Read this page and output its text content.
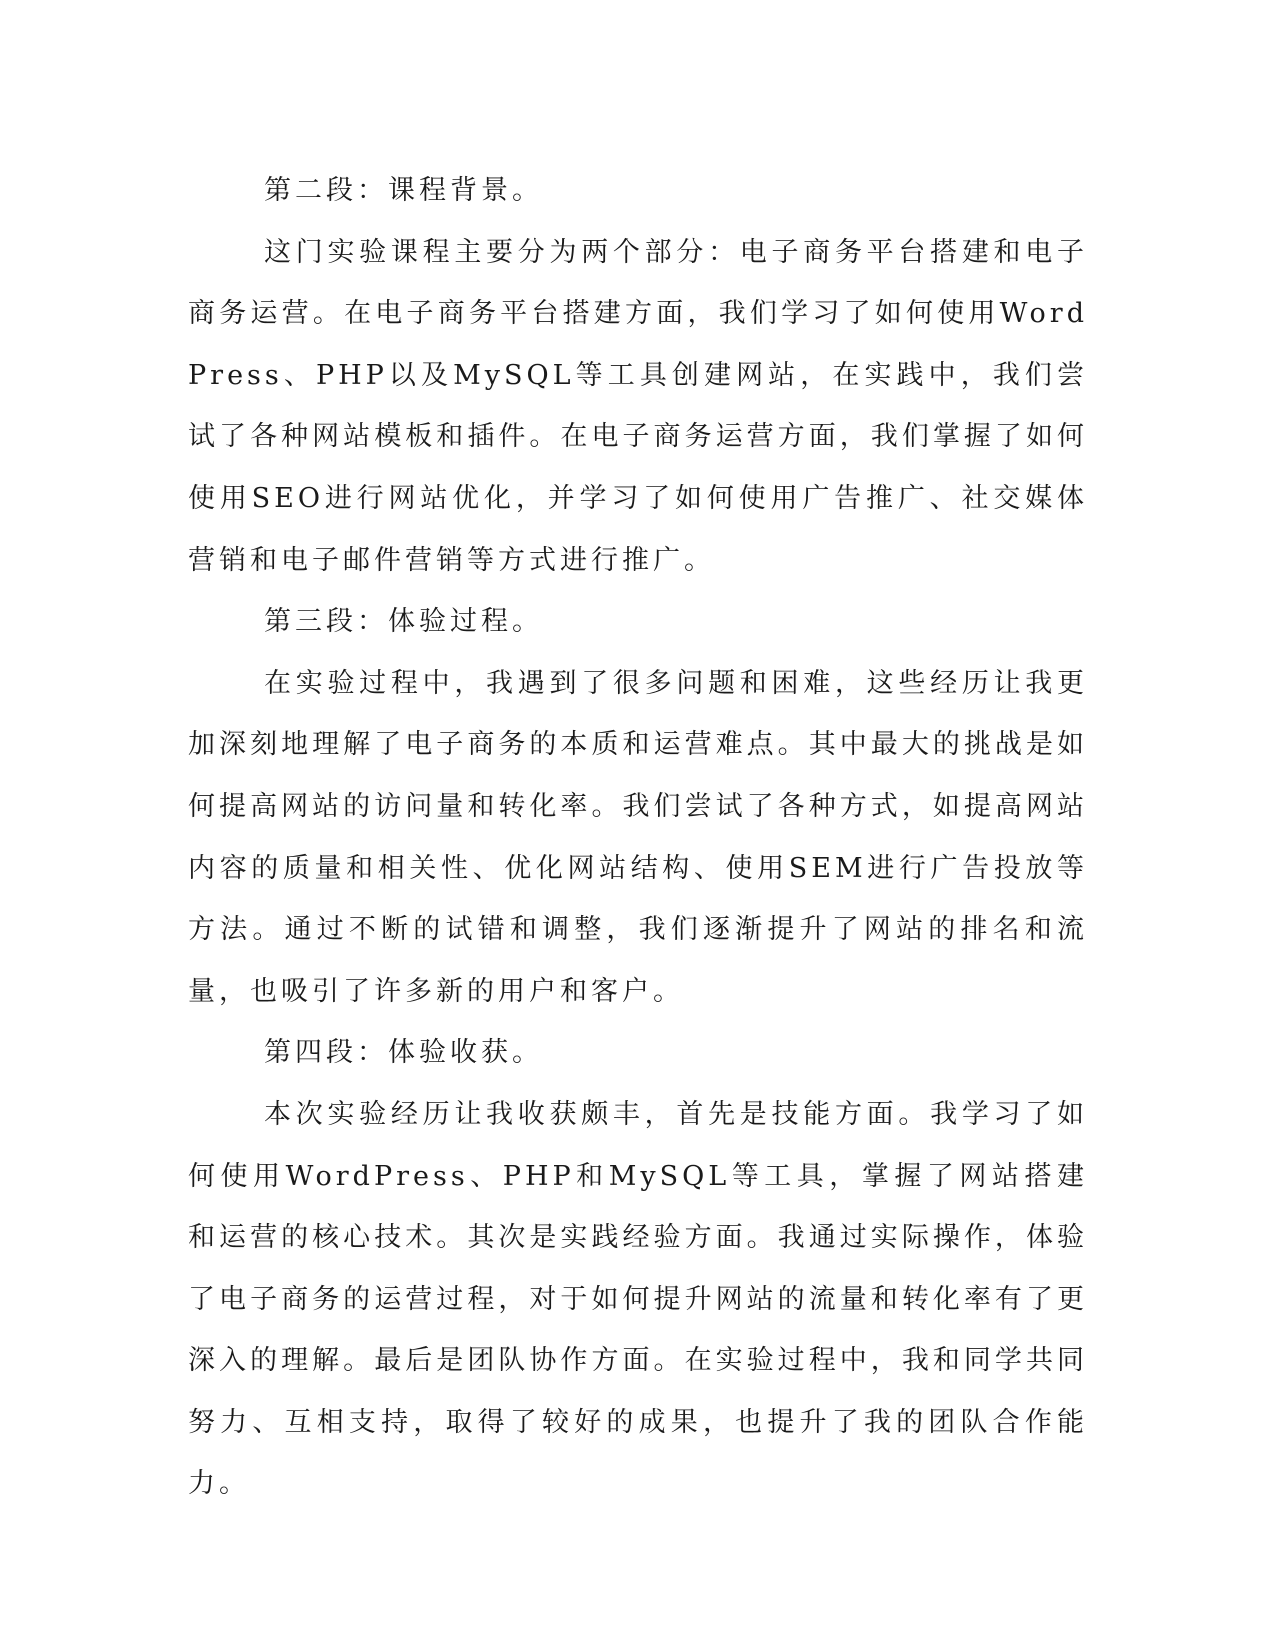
第二段：课程背景。

这门实验课程主要分为两个部分：电子商务平台搭建和电子商务运营。在电子商务平台搭建方面，我们学习了如何使用WordPress、PHP以及MySQL等工具创建网站，在实践中，我们尝试了各种网站模板和插件。在电子商务运营方面，我们掌握了如何使用SEO进行网站优化，并学习了如何使用广告推广、社交媒体营销和电子邮件营销等方式进行推广。

第三段：体验过程。

在实验过程中，我遇到了很多问题和困难，这些经历让我更加深刻地理解了电子商务的本质和运营难点。其中最大的挑战是如何提高网站的访问量和转化率。我们尝试了各种方式，如提高网站内容的质量和相关性、优化网站结构、使用SEM进行广告投放等方法。通过不断的试错和调整，我们逐渐提升了网站的排名和流量，也吸引了许多新的用户和客户。

第四段：体验收获。

本次实验经历让我收获颇丰，首先是技能方面。我学习了如何使用WordPress、PHP和MySQL等工具，掌握了网站搭建和运营的核心技术。其次是实践经验方面。我通过实际操作，体验了电子商务的运营过程，对于如何提升网站的流量和转化率有了更深入的理解。最后是团队协作方面。在实验过程中，我和同学共同努力、互相支持，取得了较好的成果，也提升了我的团队合作能力。
